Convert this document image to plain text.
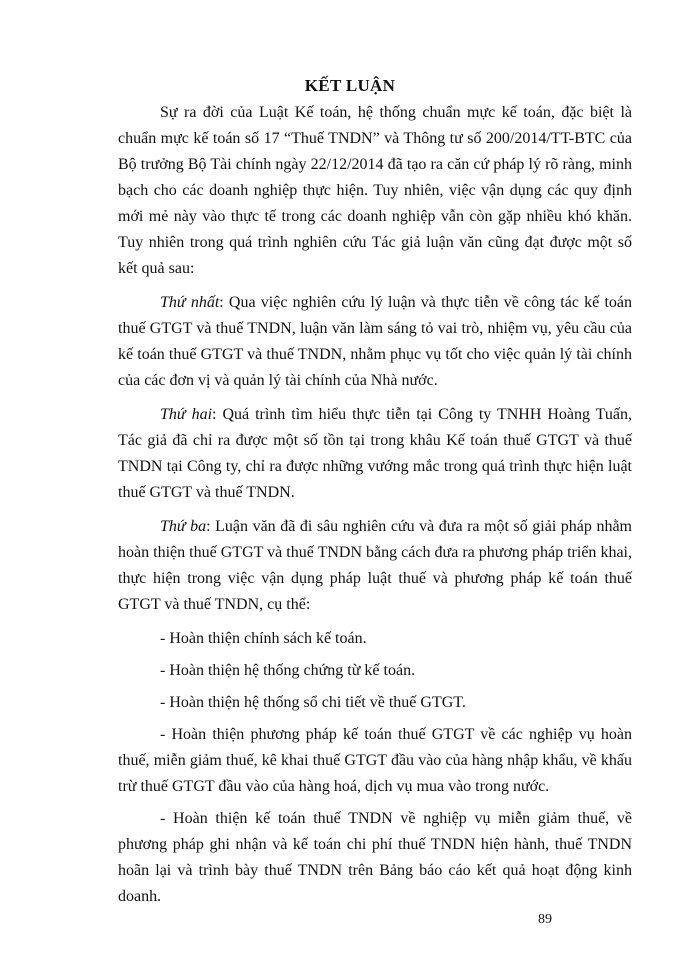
KẾT LUẬN

Sự ra đời của Luật Kế toán, hệ thống chuẩn mực kế toán, đặc biệt là chuẩn mực kế toán số 17 “Thuế TNDN” và Thông tư số 200/2014/TT-BTC của Bộ trưởng Bộ Tài chính ngày 22/12/2014 đã tạo ra căn cứ pháp lý rõ ràng, minh bạch cho các doanh nghiệp thực hiện. Tuy nhiên, việc vận dụng các quy định mới mẻ này vào thực tế trong các doanh nghiệp vẫn còn gặp nhiều khó khăn. Tuy nhiên trong quá trình nghiên cứu Tác giả luận văn cũng đạt được một số kết quả sau:

Thứ nhất: Qua việc nghiên cứu lý luận và thực tiễn về công tác kế toán thuế GTGT và thuế TNDN, luận văn làm sáng tỏ vai trò, nhiệm vụ, yêu cầu của kế toán thuế GTGT và thuế TNDN, nhằm phục vụ tốt cho việc quản lý tài chính của các đơn vị và quản lý tài chính của Nhà nước.

Thứ hai: Quá trình tìm hiểu thực tiễn tại Công ty TNHH Hoàng Tuấn, Tác giả đã chỉ ra được một số tồn tại trong khâu Kế toán thuế GTGT và thuế TNDN tại Công ty, chỉ ra được những vướng mắc trong quá trình thực hiện luật thuế GTGT và thuế TNDN.

Thứ ba: Luận văn đã đi sâu nghiên cứu và đưa ra một số giải pháp nhằm hoàn thiện thuế GTGT và thuế TNDN bằng cách đưa ra phương pháp triển khai, thực hiện trong việc vận dụng pháp luật thuế và phương pháp kế toán thuế GTGT và thuế TNDN, cụ thể:

- Hoàn thiện chính sách kế toán.

- Hoàn thiện hệ thống chứng từ kế toán.

- Hoàn thiện hệ thống sổ chi tiết về thuế GTGT.

- Hoàn thiện phương pháp kế toán thuế GTGT về các nghiệp vụ hoàn thuế, miễn giảm thuế, kê khai thuế GTGT đầu vào của hàng nhập khẩu, về khấu trừ thuế GTGT đầu vào của hàng hoá, dịch vụ mua vào trong nước.

- Hoàn thiện kế toán thuế TNDN về nghiệp vụ miễn giảm thuế, về phương pháp ghi nhận và kế toán chi phí thuế TNDN hiện hành, thuế TNDN hoãn lại và trình bày thuế TNDN trên Bảng báo cáo kết quả hoạt động kinh doanh.

89
